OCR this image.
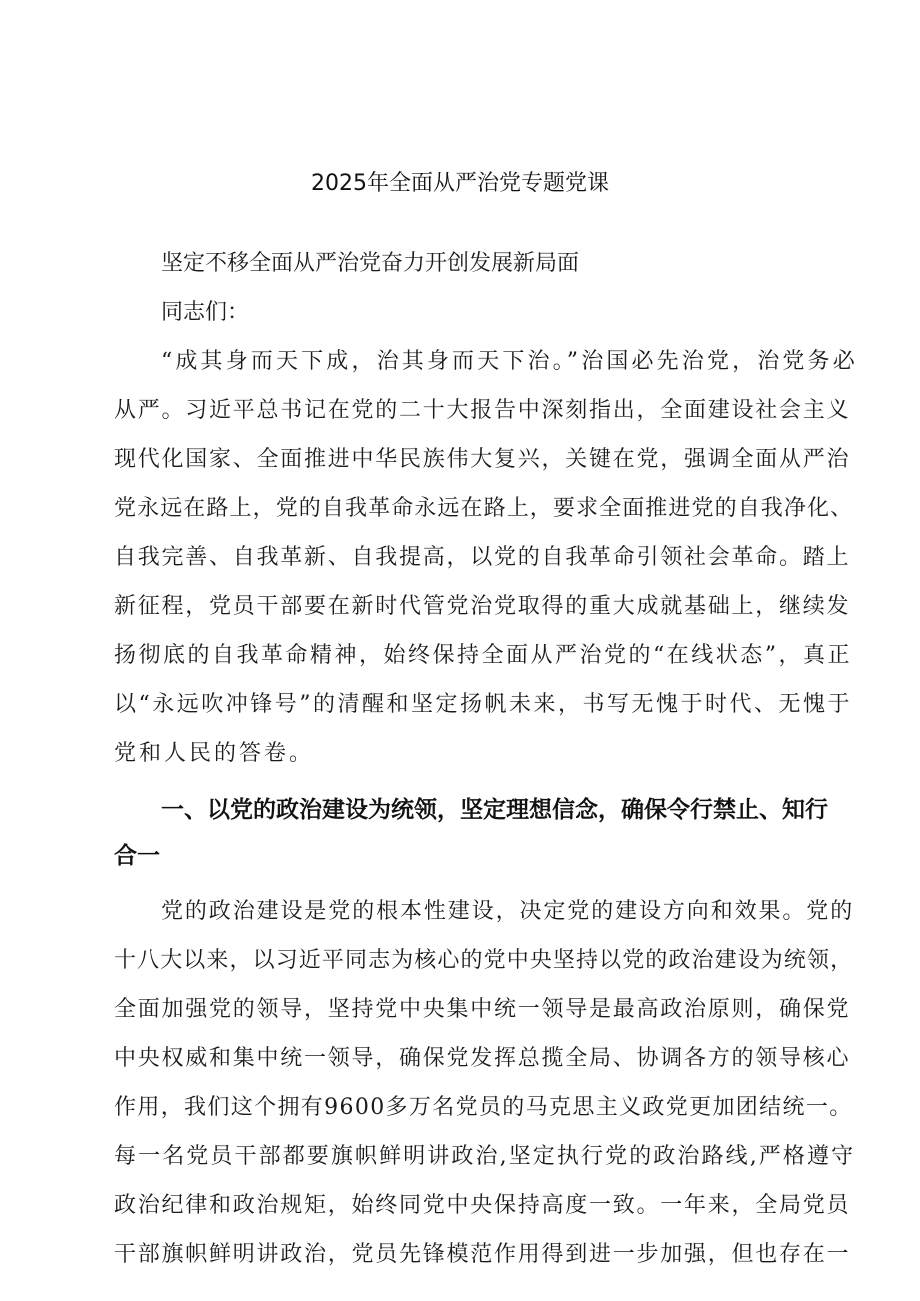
2025年全面从严治党专题党课

坚定不移全面从严治党奋力开创发展新局面

同志们：

“成其身而天下成，治其身而天下治。”治国必先治党，治党务必

从严。习近平总书记在党的二十大报告中深刻指出，全面建设社会主义

现代化国家、全面推进中华民族伟大复兴，关键在党，强调全面从严治

党永远在路上，党的自我革命永远在路上，要求全面推进党的自我净化、

自我完善、自我革新、自我提高，以党的自我革命引领社会革命。踏上

新征程，党员干部要在新时代管党治党取得的重大成就基础上，继续发

扬彻底的自我革命精神，始终保持全面从严治党的“在线状态”，真正

以“永远吹冲锋号”的清醒和坚定扬帆未来，书写无愧于时代、无愧于

党和人民的答卷。

一、以党的政治建设为统领，坚定理想信念，确保令行禁止、知行

合一

党的政治建设是党的根本性建设，决定党的建设方向和效果。党的

十八大以来，以习近平同志为核心的党中央坚持以党的政治建设为统领，

全面加强党的领导，坚持党中央集中统一领导是最高政治原则，确保党

中央权威和集中统一领导，确保党发挥总揽全局、协调各方的领导核心

作用，我们这个拥有9600多万名党员的马克思主义政党更加团结统一。

每一名党员干部都要旗帜鲜明讲政治,坚定执行党的政治路线,严格遵守

政治纪律和政治规矩，始终同党中央保持高度一致。一年来，全局党员

干部旗帜鲜明讲政治，党员先锋模范作用得到进一步加强，但也存在一
